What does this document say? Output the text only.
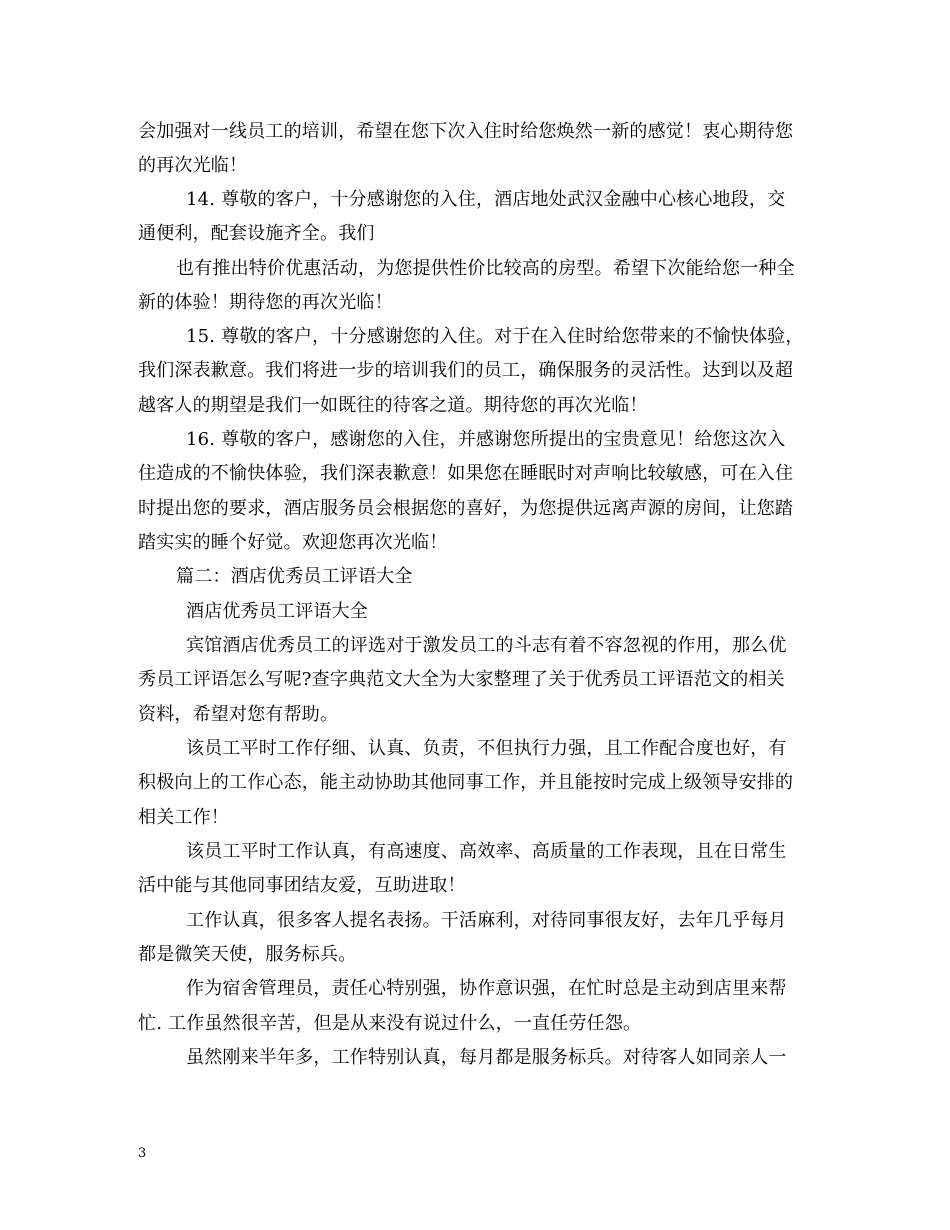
会加强对一线员工的培训，希望在您下次入住时给您焕然一新的感觉！衷心期待您
的再次光临！
14. 尊敬的客户，十分感谢您的入住，酒店地处武汉金融中心核心地段，交
通便利，配套设施齐全。我们
也有推出特价优惠活动，为您提供性价比较高的房型。希望下次能给您一种全
新的体验！期待您的再次光临！
15. 尊敬的客户，十分感谢您的入住。对于在入住时给您带来的不愉快体验，
我们深表歉意。我们将进一步的培训我们的员工，确保服务的灵活性。达到以及超
越客人的期望是我们一如既往的待客之道。期待您的再次光临！
16. 尊敬的客户，感谢您的入住，并感谢您所提出的宝贵意见！给您这次入
住造成的不愉快体验，我们深表歉意！如果您在睡眠时对声响比较敏感，可在入住
时提出您的要求，酒店服务员会根据您的喜好，为您提供远离声源的房间，让您踏
踏实实的睡个好觉。欢迎您再次光临！
篇二：酒店优秀员工评语大全
酒店优秀员工评语大全
宾馆酒店优秀员工的评选对于激发员工的斗志有着不容忽视的作用，那么优
秀员工评语怎么写呢?查字典范文大全为大家整理了关于优秀员工评语范文的相关
资料，希望对您有帮助。
该员工平时工作仔细、认真、负责，不但执行力强，且工作配合度也好，有
积极向上的工作心态，能主动协助其他同事工作，并且能按时完成上级领导安排的
相关工作！
该员工平时工作认真，有高速度、高效率、高质量的工作表现，且在日常生
活中能与其他同事团结友爱，互助进取！
工作认真，很多客人提名表扬。干活麻利，对待同事很友好，去年几乎每月
都是微笑天使，服务标兵。
作为宿舍管理员，责任心特别强，协作意识强，在忙时总是主动到店里来帮
忙. 工作虽然很辛苦，但是从来没有说过什么，一直任劳任怨。
虽然刚来半年多，工作特别认真，每月都是服务标兵。对待客人如同亲人一
3
